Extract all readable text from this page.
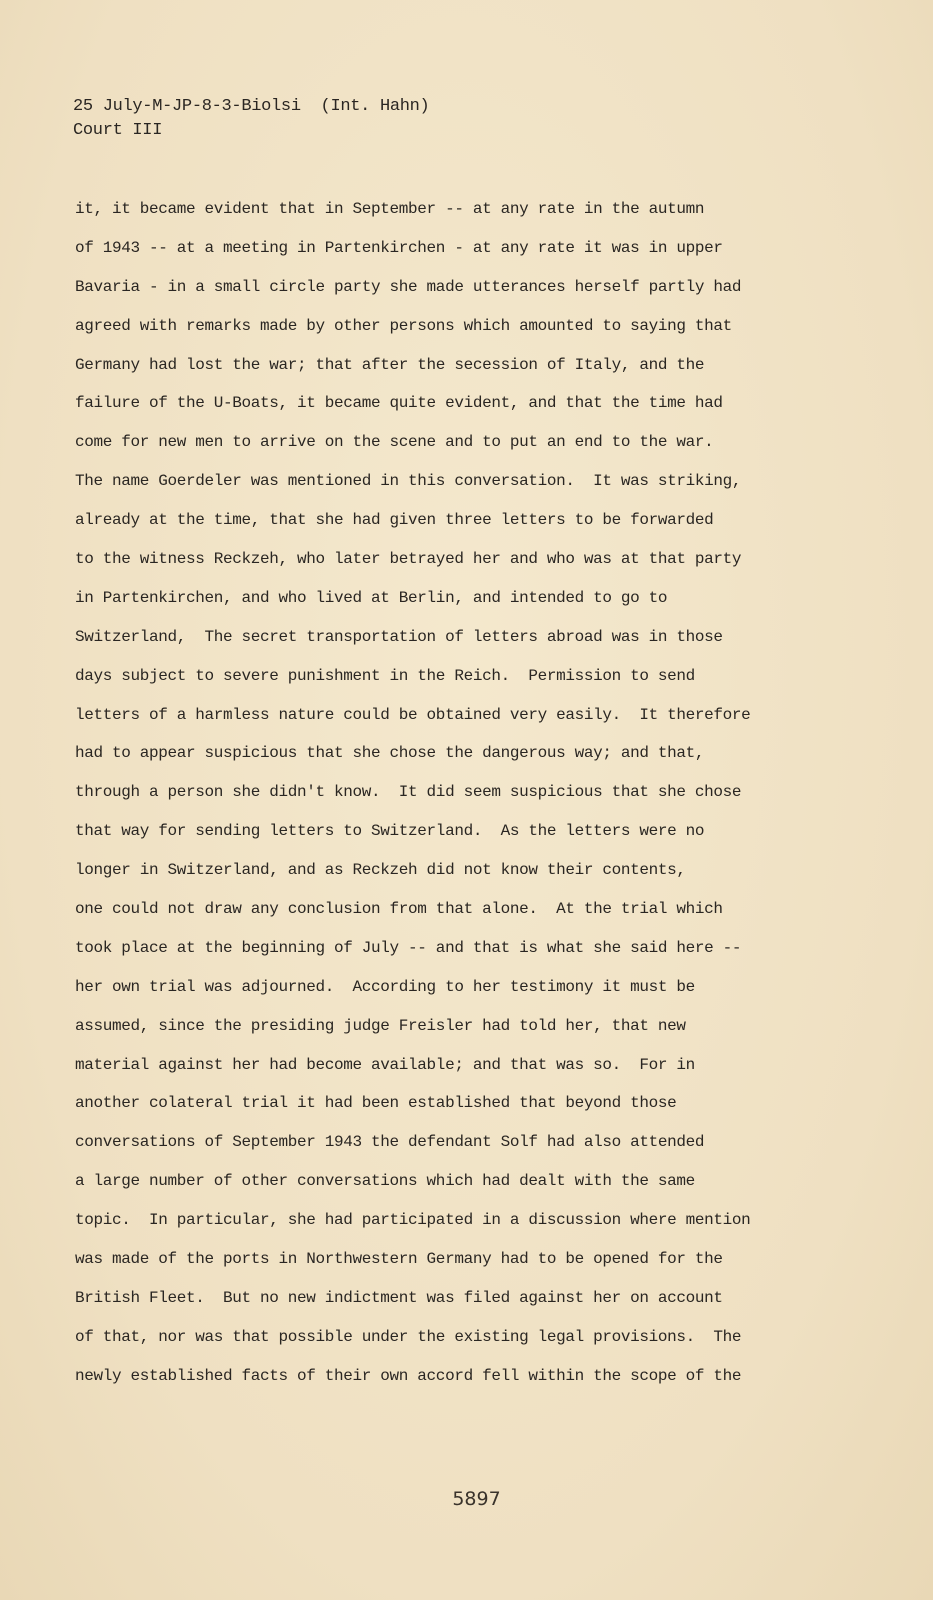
25 July-M-JP-8-3-Biolsi  (Int. Hahn)
Court III
it, it became evident that in September -- at any rate in the autumn
of 1943 -- at a meeting in Partenkirchen - at any rate it was in upper
Bavaria - in a small circle party she made utterances herself partly had
agreed with remarks made by other persons which amounted to saying that
Germany had lost the war; that after the secession of Italy, and the
failure of the U-Boats, it became quite evident, and that the time had
come for new men to arrive on the scene and to put an end to the war.
The name Goerdeler was mentioned in this conversation.  It was striking,
already at the time, that she had given three letters to be forwarded
to the witness Reckzeh, who later betrayed her and who was at that party
in Partenkirchen, and who lived at Berlin, and intended to go to
Switzerland,  The secret transportation of letters abroad was in those
days subject to severe punishment in the Reich.  Permission to send
letters of a harmless nature could be obtained very easily.  It therefore
had to appear suspicious that she chose the dangerous way; and that,
through a person she didn't know.  It did seem suspicious that she chose
that way for sending letters to Switzerland.  As the letters were no
longer in Switzerland, and as Reckzeh did not know their contents,
one could not draw any conclusion from that alone.  At the trial which
took place at the beginning of July -- and that is what she said here --
her own trial was adjourned.  According to her testimony it must be
assumed, since the presiding judge Freisler had told her, that new
material against her had become available; and that was so.  For in
another colateral trial it had been established that beyond those
conversations of September 1943 the defendant Solf had also attended
a large number of other conversations which had dealt with the same
topic.  In particular, she had participated in a discussion where mention
was made of the ports in Northwestern Germany had to be opened for the
British Fleet.  But no new indictment was filed against her on account
of that, nor was that possible under the existing legal provisions.  The
newly established facts of their own accord fell within the scope of the
5897
